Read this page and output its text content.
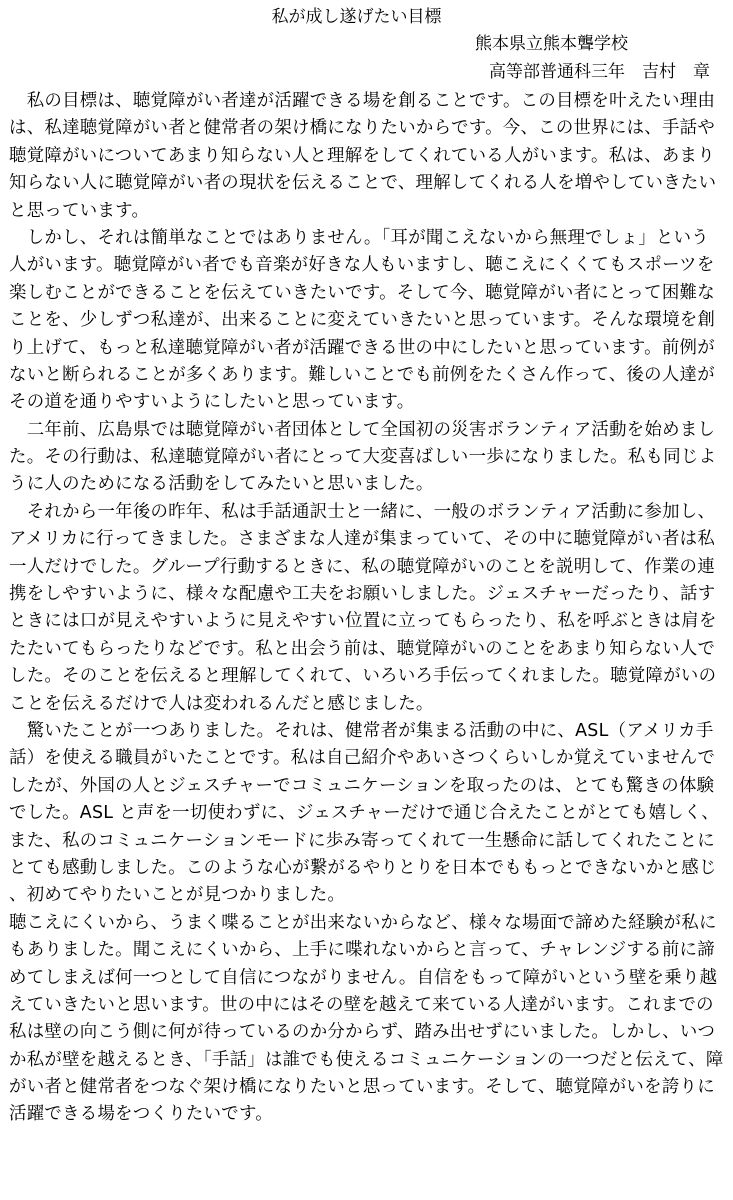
私が成し遂げたい目標
熊本県立熊本聾学校
高等部普通科三年　吉村　章
　私の目標は、聴覚障がい者達が活躍できる場を創ることです。この目標を叶えたい理由
は、私達聴覚障がい者と健常者の架け橋になりたいからです。今、この世界には、手話や
聴覚障がいについてあまり知らない人と理解をしてくれている人がいます。私は、あまり
知らない人に聴覚障がい者の現状を伝えることで、理解してくれる人を増やしていきたい
と思っています。
　しかし、それは簡単なことではありません。「耳が聞こえないから無理でしょ」という
人がいます。聴覚障がい者でも音楽が好きな人もいますし、聴こえにくくてもスポーツを
楽しむことができることを伝えていきたいです。そして今、聴覚障がい者にとって困難な
ことを、少しずつ私達が、出来ることに変えていきたいと思っています。そんな環境を創
り上げて、もっと私達聴覚障がい者が活躍できる世の中にしたいと思っています。前例が
ないと断られることが多くあります。難しいことでも前例をたくさん作って、後の人達が
その道を通りやすいようにしたいと思っています。
　二年前、広島県では聴覚障がい者団体として全国初の災害ボランティア活動を始めまし
た。その行動は、私達聴覚障がい者にとって大変喜ばしい一歩になりました。私も同じよ
うに人のためになる活動をしてみたいと思いました。
　それから一年後の昨年、私は手話通訳士と一緒に、一般のボランティア活動に参加し、
アメリカに行ってきました。さまざまな人達が集まっていて、その中に聴覚障がい者は私
一人だけでした。グループ行動するときに、私の聴覚障がいのことを説明して、作業の連
携をしやすいように、様々な配慮や工夫をお願いしました。ジェスチャーだったり、話す
ときには口が見えやすいように見えやすい位置に立ってもらったり、私を呼ぶときは肩を
たたいてもらったりなどです。私と出会う前は、聴覚障がいのことをあまり知らない人で
した。そのことを伝えると理解してくれて、いろいろ手伝ってくれました。聴覚障がいの
ことを伝えるだけで人は変われるんだと感じました。
　驚いたことが一つありました。それは、健常者が集まる活動の中に、ASL（アメリカ手
話）を使える職員がいたことです。私は自己紹介やあいさつくらいしか覚えていませんで
したが、外国の人とジェスチャーでコミュニケーションを取ったのは、とても驚きの体験
でした。ASL と声を一切使わずに、ジェスチャーだけで通じ合えたことがとても嬉しく、
また、私のコミュニケーションモードに歩み寄ってくれて一生懸命に話してくれたことに
とても感動しました。このような心が繋がるやりとりを日本でももっとできないかと感じ
、初めてやりたいことが見つかりました。
聴こえにくいから、うまく喋ることが出来ないからなど、様々な場面で諦めた経験が私に
もありました。聞こえにくいから、上手に喋れないからと言って、チャレンジする前に諦
めてしまえば何一つとして自信につながりません。自信をもって障がいという壁を乗り越
えていきたいと思います。世の中にはその壁を越えて来ている人達がいます。これまでの
私は壁の向こう側に何が待っているのか分からず、踏み出せずにいました。しかし、いつ
か私が壁を越えるとき、「手話」は誰でも使えるコミュニケーションの一つだと伝えて、障
がい者と健常者をつなぐ架け橋になりたいと思っています。そして、聴覚障がいを誇りに
活躍できる場をつくりたいです。
